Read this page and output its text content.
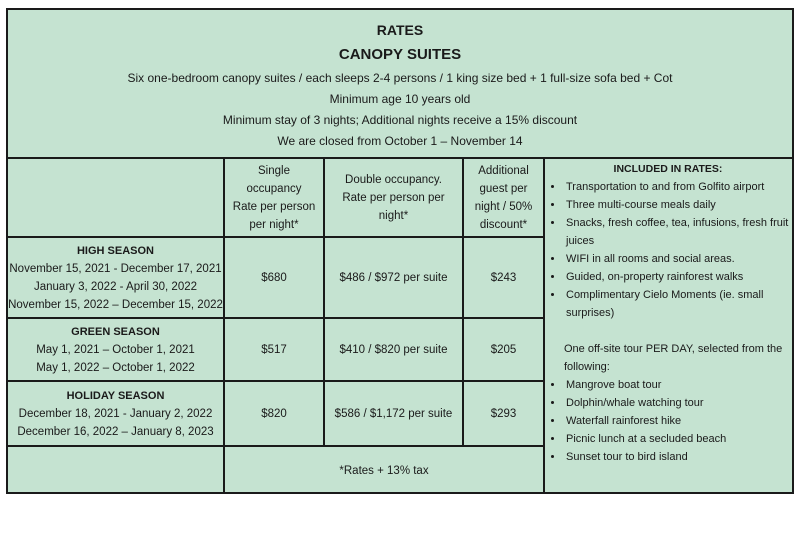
RATES
CANOPY SUITES
Six one-bedroom canopy suites / each sleeps 2-4 persons / 1 king size bed + 1 full-size sofa bed + Cot
Minimum age 10 years old
Minimum stay of 3 nights; Additional nights receive a 15% discount
We are closed from October 1 – November 14
Single
occupancy
Rate per person
per night*
Double occupancy.
Rate per person per
night*
Additional
guest per
night / 50%
discount*
HIGH SEASON
November 15, 2021 - December 17, 2021
January 3, 2022 - April 30, 2022
November 15, 2022 – December 15, 2022
$680	$486 / $972 per suite	$243
GREEN SEASON
May 1, 2021 – October 1, 2021
May 1, 2022 – October 1, 2022
$517	$410 / $820 per suite	$205
HOLIDAY SEASON
December 18, 2021 - January 2, 2022
December 16, 2022 – January 8, 2023
$820	$586 / $1,172 per suite	$293
*Rates + 13% tax
INCLUDED IN RATES:
• Transportation to and from Golfito airport
• Three multi-course meals daily
• Snacks, fresh coffee, tea, infusions, fresh fruit juices
• WIFI in all rooms and social areas.
• Guided, on-property rainforest walks
• Complimentary Cielo Moments (ie. small surprises)
One off-site tour PER DAY, selected from the following:
• Mangrove boat tour
• Dolphin/whale watching tour
• Waterfall rainforest hike
• Picnic lunch at a secluded beach
• Sunset tour to bird island
